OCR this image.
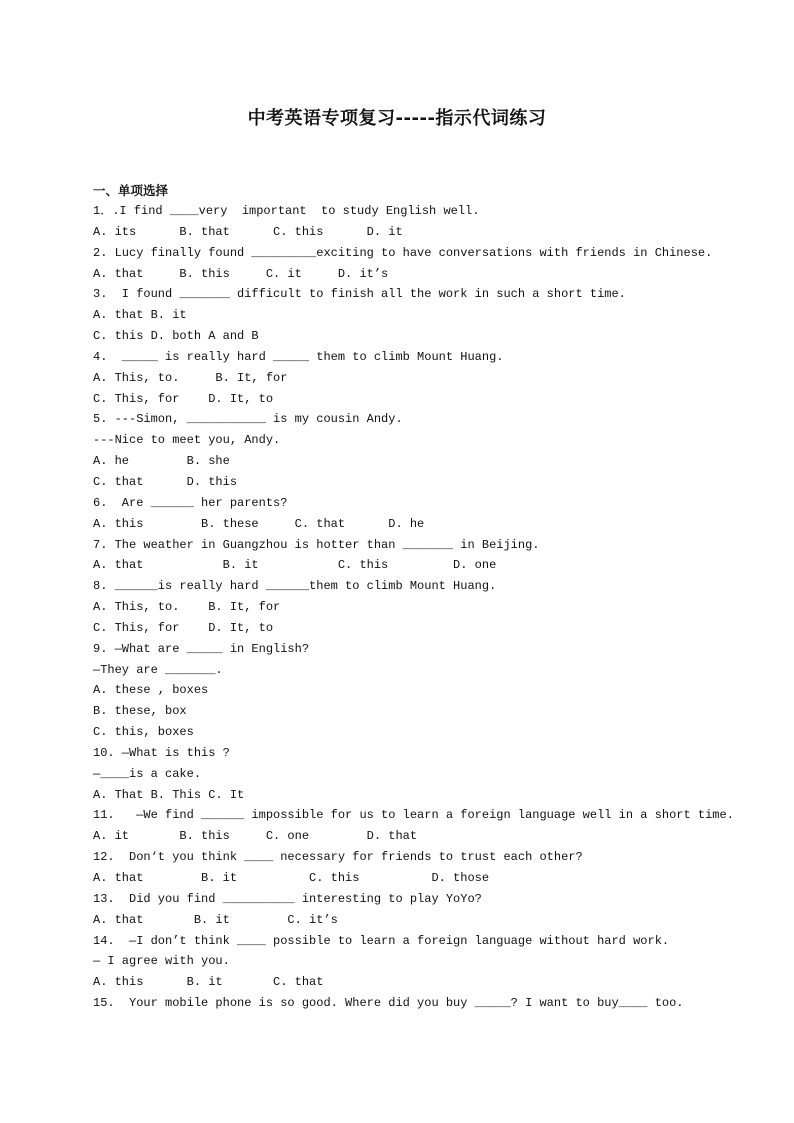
中考英语专项复习-----指示代词练习
一、单项选择
1．.I find ____very  important  to study English well.
A. its      B. that      C. this      D. it
2. Lucy finally found _________exciting to have conversations with friends in Chinese.
A. that     B. this     C. it     D. it’s
3.  I found _______ difficult to finish all the work in such a short time.
A. that B. it
C. this D. both A and B
4.  _____ is really hard _____ them to climb Mount Huang.
A. This, to.     B. It, for
C. This, for    D. It, to
5. ---Simon, ___________ is my cousin Andy.
---Nice to meet you, Andy.
A. he        B. she
C. that      D. this
6.  Are ______ her parents?
A. this        B. these     C. that      D. he
7. The weather in Guangzhou is hotter than _______ in Beijing.
A. that           B. it           C. this         D. one
8. ______is really hard ______them to climb Mount Huang.
A. This, to.    B. It, for
C. This, for    D. It, to
9. —What are _____ in English?
—They are _______.
A. these , boxes
B. these, box
C. this, boxes
10. —What is this ?
—____is a cake.
A. That B. This C. It
11.   —We find ______ impossible for us to learn a foreign language well in a short time.
A. it       B. this     C. one        D. that
12.  Don‘t you think ____ necessary for friends to trust each other?
A. that        B. it          C. this          D. those
13.  Did you find __________ interesting to play YoYo?
A. that       B. it        C. it’s
14.  —I don’t think ____ possible to learn a foreign language without hard work.
— I agree with you.
A. this      B. it       C. that
15.  Your mobile phone is so good. Where did you buy _____? I want to buy____ too.
